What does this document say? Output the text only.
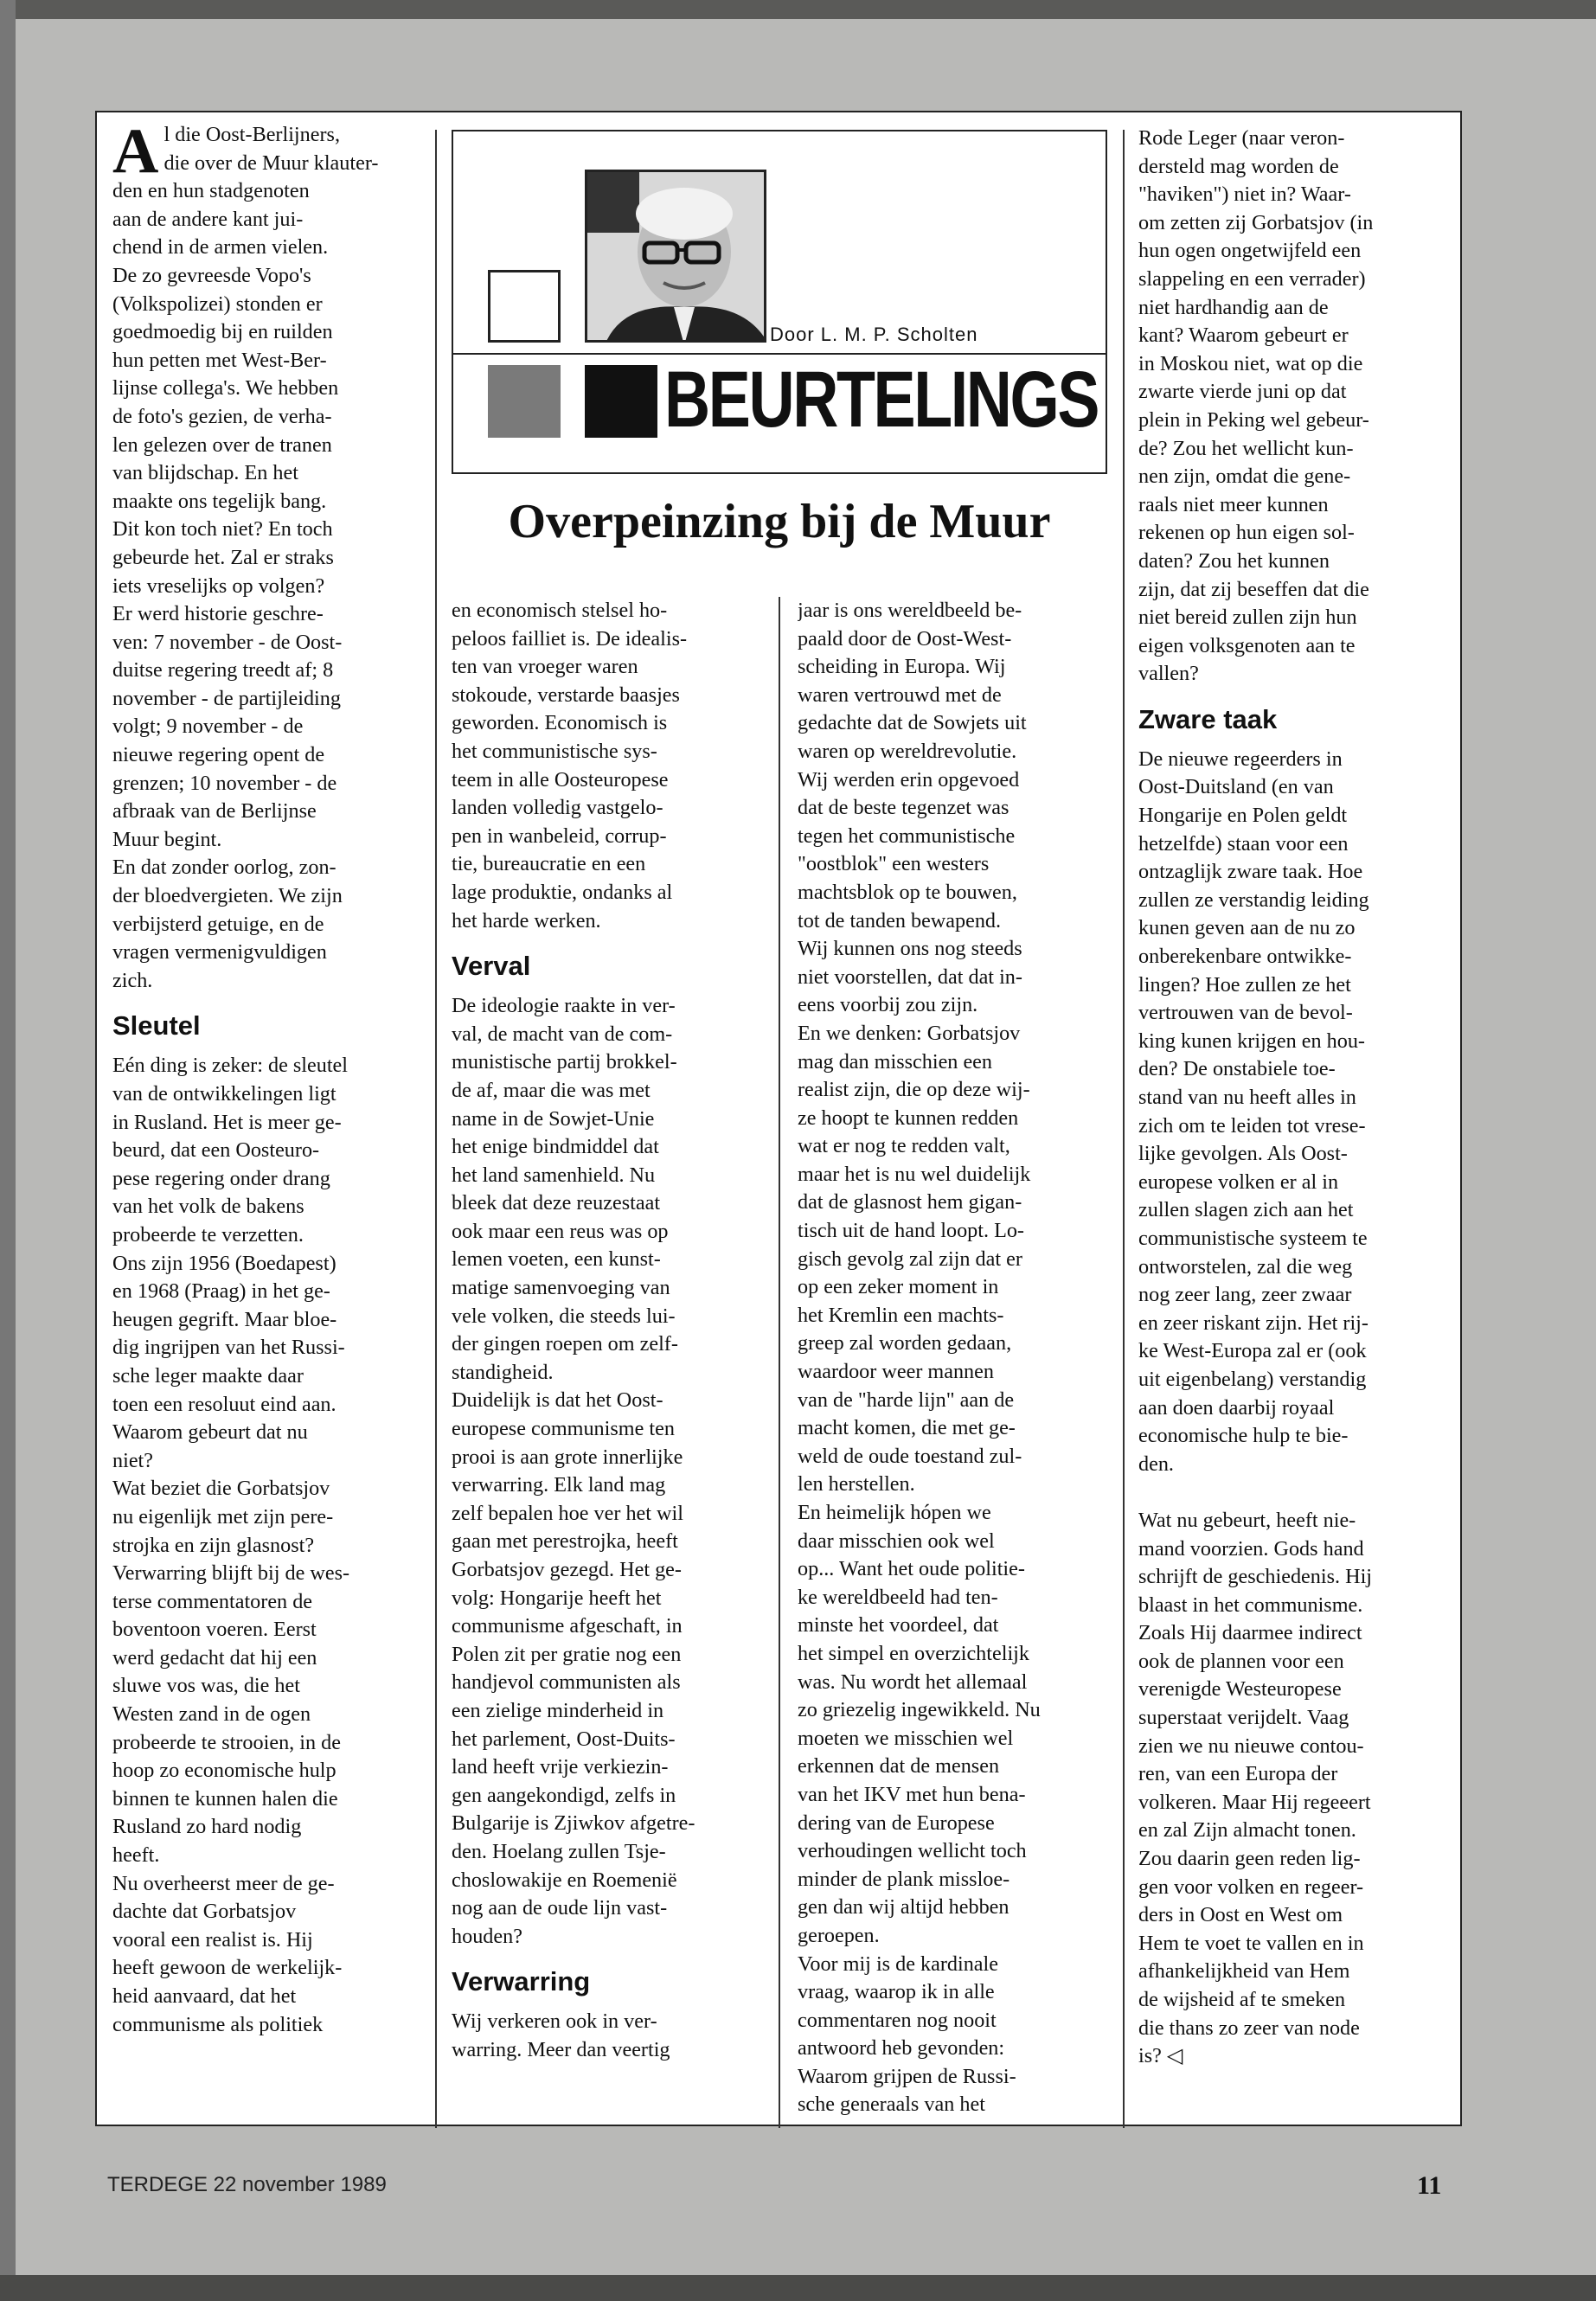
Al die Oost-Berlijners,
die over de Muur klauter-
den en hun stadgenoten
aan de andere kant jui-
chend in de armen vielen.
De zo gevreesde Vopo's
(Volkspolizei) stonden er
goedmoedig bij en ruilden
hun petten met West-Ber-
lijnse collega's. We hebben
de foto's gezien, de verha-
len gelezen over de tranen
van blijdschap. En het
maakte ons tegelijk bang.
Dit kon toch niet? En toch
gebeurde het. Zal er straks
iets vreselijks op volgen?
Er werd historie geschre-
ven: 7 november - de Oost-
duitse regering treedt af; 8
november - de partijleiding
volgt; 9 november - de
nieuwe regering opent de
grenzen; 10 november - de
afbraak van de Berlijnse
Muur begint.
En dat zonder oorlog, zon-
der bloedvergieten. We zijn
verbijsterd getuige, en de
vragen vermenigvuldigen
zich.
Sleutel
Eén ding is zeker: de sleutel
van de ontwikkelingen ligt
in Rusland. Het is meer ge-
beurd, dat een Oosteuro-
pese regering onder drang
van het volk de bakens
probeerde te verzetten.
Ons zijn 1956 (Boedapest)
en 1968 (Praag) in het ge-
heugen gegrift. Maar bloe-
dig ingrijpen van het Russi-
sche leger maakte daar
toen een resoluut eind aan.
Waarom gebeurt dat nu
niet?
Wat beziet die Gorbatsjov
nu eigenlijk met zijn pere-
strojka en zijn glasnost?
Verwarring blijft bij de wes-
terse commentatoren de
boventoon voeren. Eerst
werd gedacht dat hij een
sluwe vos was, die het
Westen zand in de ogen
probeerde te strooien, in de
hoop zo economische hulp
binnen te kunnen halen die
Rusland zo hard nodig
heeft.
Nu overheerst meer de ge-
dachte dat Gorbatsjov
vooral een realist is. Hij
heeft gewoon de werkelijk-
heid aanvaard, dat het
communisme als politiek
Door L. M. P. Scholten
BEURTELINGS
Overpeinzing bij de Muur
en economisch stelsel ho-
peloos failliet is. De idealis-
ten van vroeger waren
stokoude, verstarde baasjes
geworden. Economisch is
het communistische sys-
teem in alle Oosteuropese
landen volledig vastgelo-
pen in wanbeleid, corrup-
tie, bureaucratie en een
lage produktie, ondanks al
het harde werken.
Verval
De ideologie raakte in ver-
val, de macht van de com-
munistische partij brokkel-
de af, maar die was met
name in de Sowjet-Unie
het enige bindmiddel dat
het land samenhield. Nu
bleek dat deze reuzestaat
ook maar een reus was op
lemen voeten, een kunst-
matige samenvoeging van
vele volken, die steeds lui-
der gingen roepen om zelf-
standigheid.
Duidelijk is dat het Oost-
europese communisme ten
prooi is aan grote innerlijke
verwarring. Elk land mag
zelf bepalen hoe ver het wil
gaan met perestrojka, heeft
Gorbatsjov gezegd. Het ge-
volg: Hongarije heeft het
communisme afgeschaft, in
Polen zit per gratie nog een
handjevol communisten als
een zielige minderheid in
het parlement, Oost-Duits-
land heeft vrije verkiezin-
gen aangekondigd, zelfs in
Bulgarije is Zjiwkov afgetre-
den. Hoelang zullen Tsje-
choslowakije en Roemenië
nog aan de oude lijn vast-
houden?
Verwarring
Wij verkeren ook in ver-
warring. Meer dan veertig
jaar is ons wereldbeeld be-
paald door de Oost-West-
scheiding in Europa. Wij
waren vertrouwd met de
gedachte dat de Sowjets uit
waren op wereldrevolutie.
Wij werden erin opgevoed
dat de beste tegenzet was
tegen het communistische
"oostblok" een westers
machtsblok op te bouwen,
tot de tanden bewapend.
Wij kunnen ons nog steeds
niet voorstellen, dat dat in-
eens voorbij zou zijn.
En we denken: Gorbatsjov
mag dan misschien een
realist zijn, die op deze wij-
ze hoopt te kunnen redden
wat er nog te redden valt,
maar het is nu wel duidelijk
dat de glasnost hem gigan-
tisch uit de hand loopt. Lo-
gisch gevolg zal zijn dat er
op een zeker moment in
het Kremlin een machts-
greep zal worden gedaan,
waardoor weer mannen
van de "harde lijn" aan de
macht komen, die met ge-
weld de oude toestand zul-
len herstellen.
En heimelijk hópen we
daar misschien ook wel
op... Want het oude politie-
ke wereldbeeld had ten-
minste het voordeel, dat
het simpel en overzichtelijk
was. Nu wordt het allemaal
zo griezelig ingewikkeld. Nu
moeten we misschien wel
erkennen dat de mensen
van het IKV met hun bena-
dering van de Europese
verhoudingen wellicht toch
minder de plank missloe-
gen dan wij altijd hebben
geroepen.
Voor mij is de kardinale
vraag, waarop ik in alle
commentaren nog nooit
antwoord heb gevonden:
Waarom grijpen de Russi-
sche generaals van het
Rode Leger (naar veron-
dersteld mag worden de
"haviken") niet in? Waar-
om zetten zij Gorbatsjov (in
hun ogen ongetwijfeld een
slappeling en een verrader)
niet hardhandig aan de
kant? Waarom gebeurt er
in Moskou niet, wat op die
zwarte vierde juni op dat
plein in Peking wel gebeur-
de? Zou het wellicht kun-
nen zijn, omdat die gene-
raals niet meer kunnen
rekenen op hun eigen sol-
daten? Zou het kunnen
zijn, dat zij beseffen dat die
niet bereid zullen zijn hun
eigen volksgenoten aan te
vallen?
Zware taak
De nieuwe regeerders in
Oost-Duitsland (en van
Hongarije en Polen geldt
hetzelfde) staan voor een
ontzaglijk zware taak. Hoe
zullen ze verstandig leiding
kunen geven aan de nu zo
onberekenbare ontwikke-
lingen? Hoe zullen ze het
vertrouwen van de bevol-
king kunen krijgen en hou-
den? De onstabiele toe-
stand van nu heeft alles in
zich om te leiden tot vrese-
lijke gevolgen. Als Oost-
europese volken er al in
zullen slagen zich aan het
communistische systeem te
ontworstelen, zal die weg
nog zeer lang, zeer zwaar
en zeer riskant zijn. Het rij-
ke West-Europa zal er (ook
uit eigenbelang) verstandig
aan doen daarbij royaal
economische hulp te bie-
den.

Wat nu gebeurt, heeft nie-
mand voorzien. Gods hand
schrijft de geschiedenis. Hij
blaast in het communisme.
Zoals Hij daarmee indirect
ook de plannen voor een
verenigde Westeuropese
superstaat verijdelt. Vaag
zien we nu nieuwe contou-
ren, van een Europa der
volkeren. Maar Hij regeeert
en zal Zijn almacht tonen.
Zou daarin geen reden lig-
gen voor volken en regeer-
ders in Oost en West om
Hem te voet te vallen en in
afhankelijkheid van Hem
de wijsheid af te smeken
die thans zo zeer van node
is? ◁
TERDEGE 22 november 1989	11
